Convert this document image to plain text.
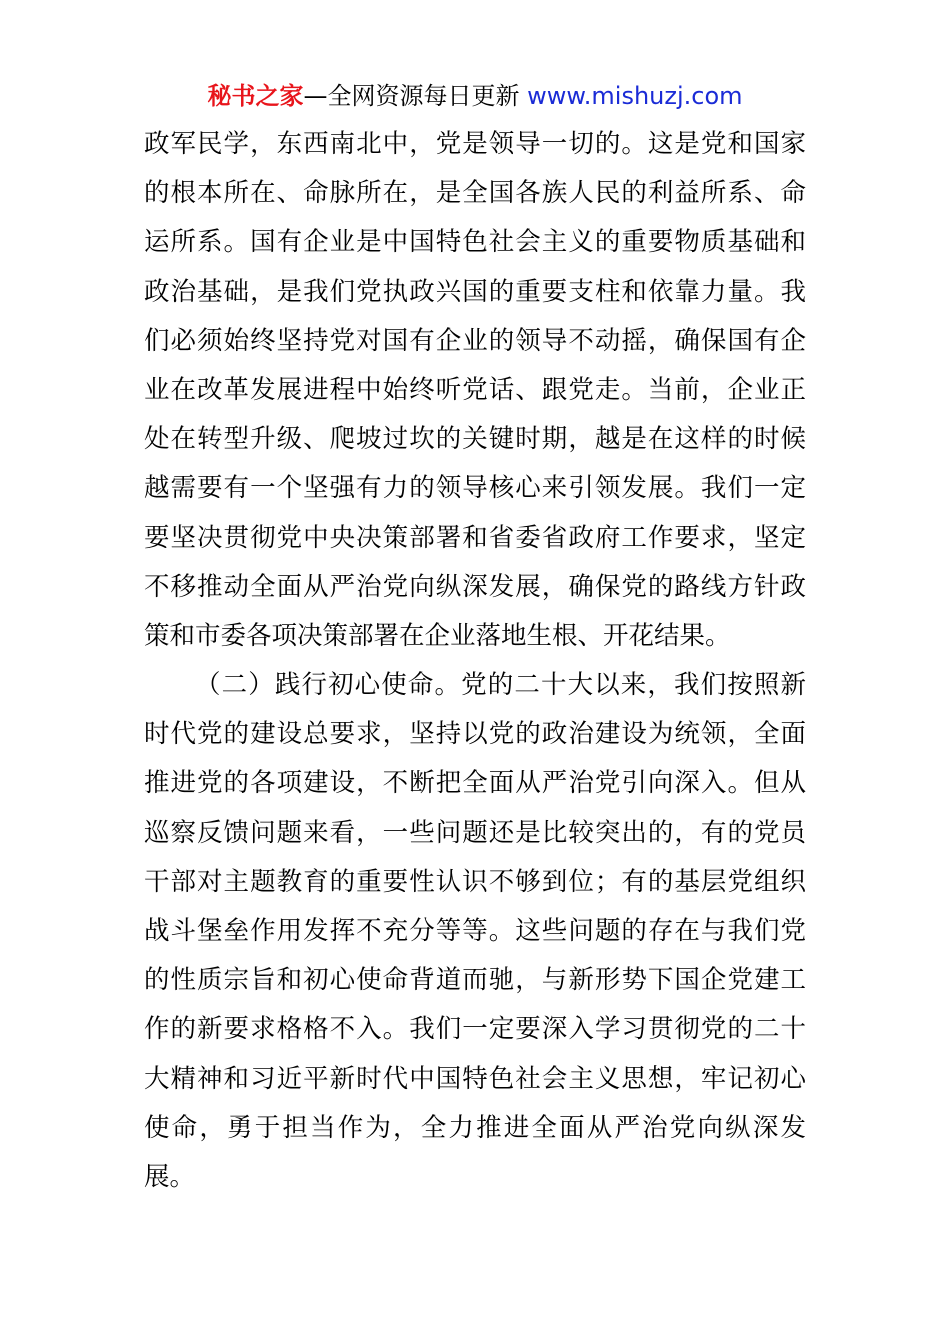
秘书之家—全网资源每日更新 www.mishuzj.com
政军民学，东西南北中，党是领导一切的。这是党和国家
的根本所在、命脉所在，是全国各族人民的利益所系、命
运所系。国有企业是中国特色社会主义的重要物质基础和
政治基础，是我们党执政兴国的重要支柱和依靠力量。我
们必须始终坚持党对国有企业的领导不动摇，确保国有企
业在改革发展进程中始终听党话、跟党走。当前，企业正
处在转型升级、爬坡过坎的关键时期，越是在这样的时候
越需要有一个坚强有力的领导核心来引领发展。我们一定
要坚决贯彻党中央决策部署和省委省政府工作要求，坚定
不移推动全面从严治党向纵深发展，确保党的路线方针政
策和市委各项决策部署在企业落地生根、开花结果。
（二）践行初心使命。党的二十大以来，我们按照新
时代党的建设总要求，坚持以党的政治建设为统领，全面
推进党的各项建设，不断把全面从严治党引向深入。但从
巡察反馈问题来看，一些问题还是比较突出的，有的党员
干部对主题教育的重要性认识不够到位；有的基层党组织
战斗堡垒作用发挥不充分等等。这些问题的存在与我们党
的性质宗旨和初心使命背道而驰，与新形势下国企党建工
作的新要求格格不入。我们一定要深入学习贯彻党的二十
大精神和习近平新时代中国特色社会主义思想，牢记初心
使命，勇于担当作为，全力推进全面从严治党向纵深发
展。
